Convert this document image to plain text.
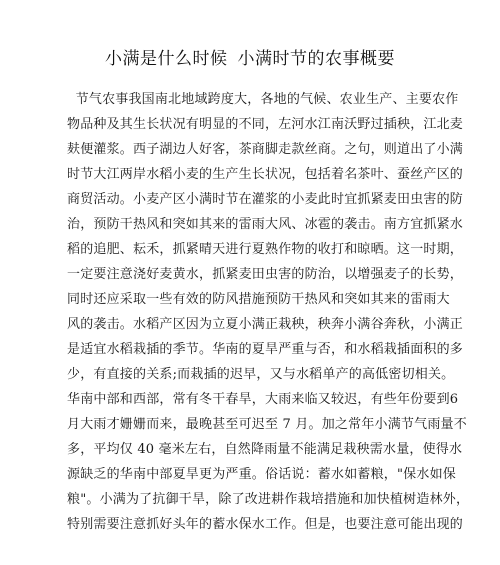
小满是什么时候 小满时节的农事概要
节气农事我国南北地域跨度大，各地的气候、农业生产、主要农作
物品种及其生长状况有明显的不同，左河水江南沃野过插秧，江北麦
麸便灌浆。西子湖边人好客，茶商脚走款丝商。之句，则道出了小满
时节大江两岸水稻小麦的生产生长状况，包括着名茶叶、蚕丝产区的
商贸活动。小麦产区小满时节在灌浆的小麦此时宜抓紧麦田虫害的防
治，预防干热风和突如其来的雷雨大风、冰雹的袭击。南方宜抓紧水
稻的追肥、耘禾，抓紧晴天进行夏熟作物的收打和晾晒。这一时期，
一定要注意浇好麦黄水，抓紧麦田虫害的防治，以增强麦子的长势，
同时还应采取一些有效的防风措施预防干热风和突如其来的雷雨大
风的袭击。水稻产区因为立夏小满正栽秧，秧奔小满谷奔秋，小满正
是适宜水稻栽插的季节。华南的夏旱严重与否，和水稻栽插面积的多
少，有直接的关系;而栽插的迟早，又与水稻单产的高低密切相关。
华南中部和西部，常有冬干春旱，大雨来临又较迟，有些年份要到6
月大雨才姗姗而来，最晚甚至可迟至 7 月。加之常年小满节气雨量不
多，平均仅 40 毫米左右，自然降雨量不能满足栽秧需水量，使得水
源缺乏的华南中部夏旱更为严重。俗话说：蓄水如蓄粮，"保水如保
粮"。小满为了抗御干旱，除了改进耕作栽培措施和加快植树造林外，
特别需要注意抓好头年的蓄水保水工作。但是，也要注意可能出现的
